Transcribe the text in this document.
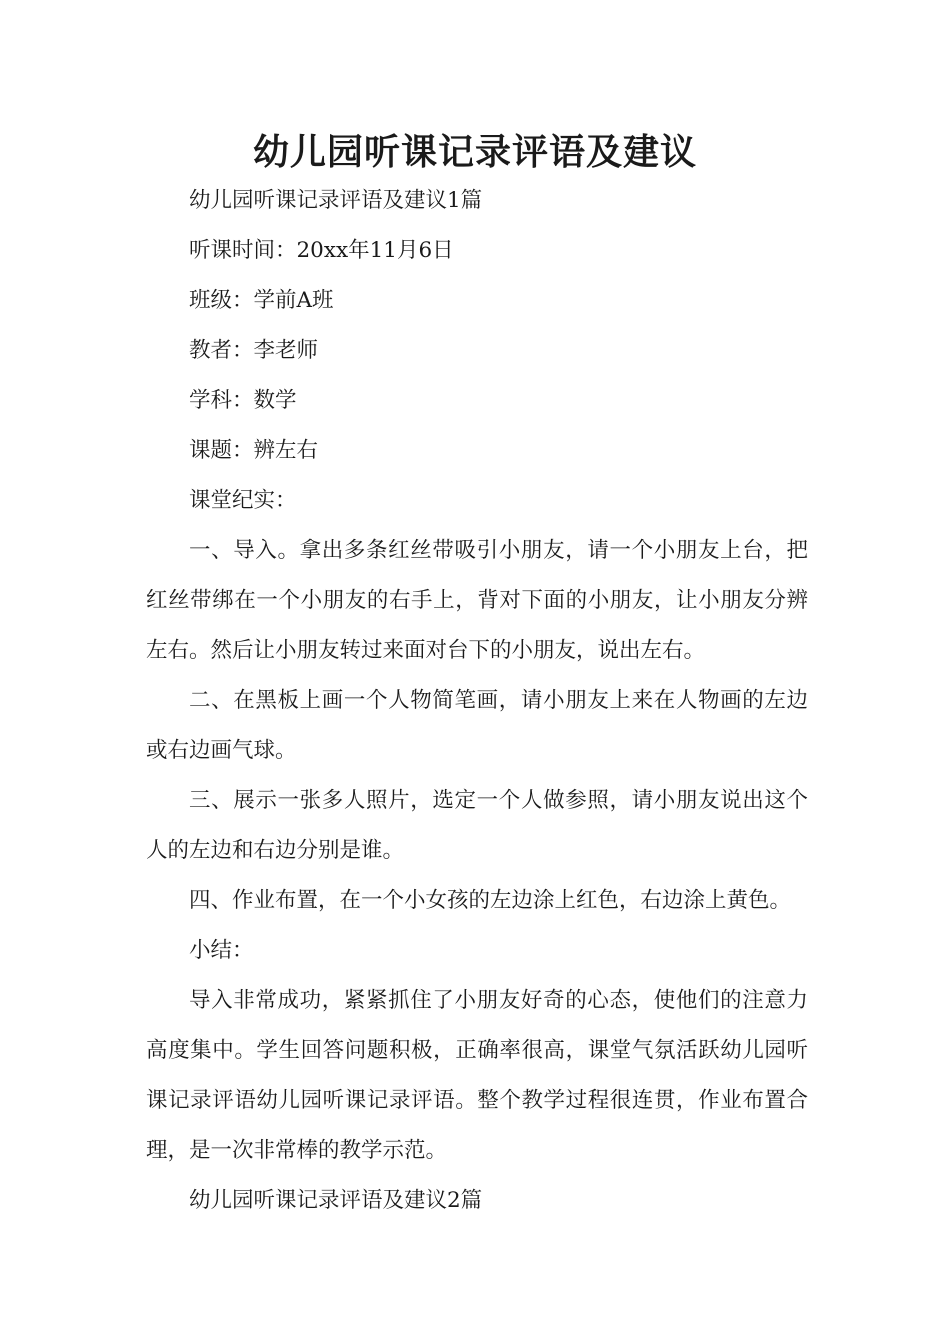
幼儿园听课记录评语及建议

幼儿园听课记录评语及建议1篇

听课时间：20xx年11月6日

班级：学前A班

教者：李老师

学科：数学

课题：辨左右

课堂纪实：

一、导入。拿出多条红丝带吸引小朋友，请一个小朋友上台，把红丝带绑在一个小朋友的右手上，背对下面的小朋友，让小朋友分辨左右。然后让小朋友转过来面对台下的小朋友，说出左右。

二、在黑板上画一个人物简笔画，请小朋友上来在人物画的左边或右边画气球。

三、展示一张多人照片，选定一个人做参照，请小朋友说出这个人的左边和右边分别是谁。

四、作业布置，在一个小女孩的左边涂上红色，右边涂上黄色。

小结：

导入非常成功，紧紧抓住了小朋友好奇的心态，使他们的注意力高度集中。学生回答问题积极，正确率很高，课堂气氛活跃幼儿园听课记录评语幼儿园听课记录评语。整个教学过程很连贯，作业布置合理，是一次非常棒的教学示范。

幼儿园听课记录评语及建议2篇
